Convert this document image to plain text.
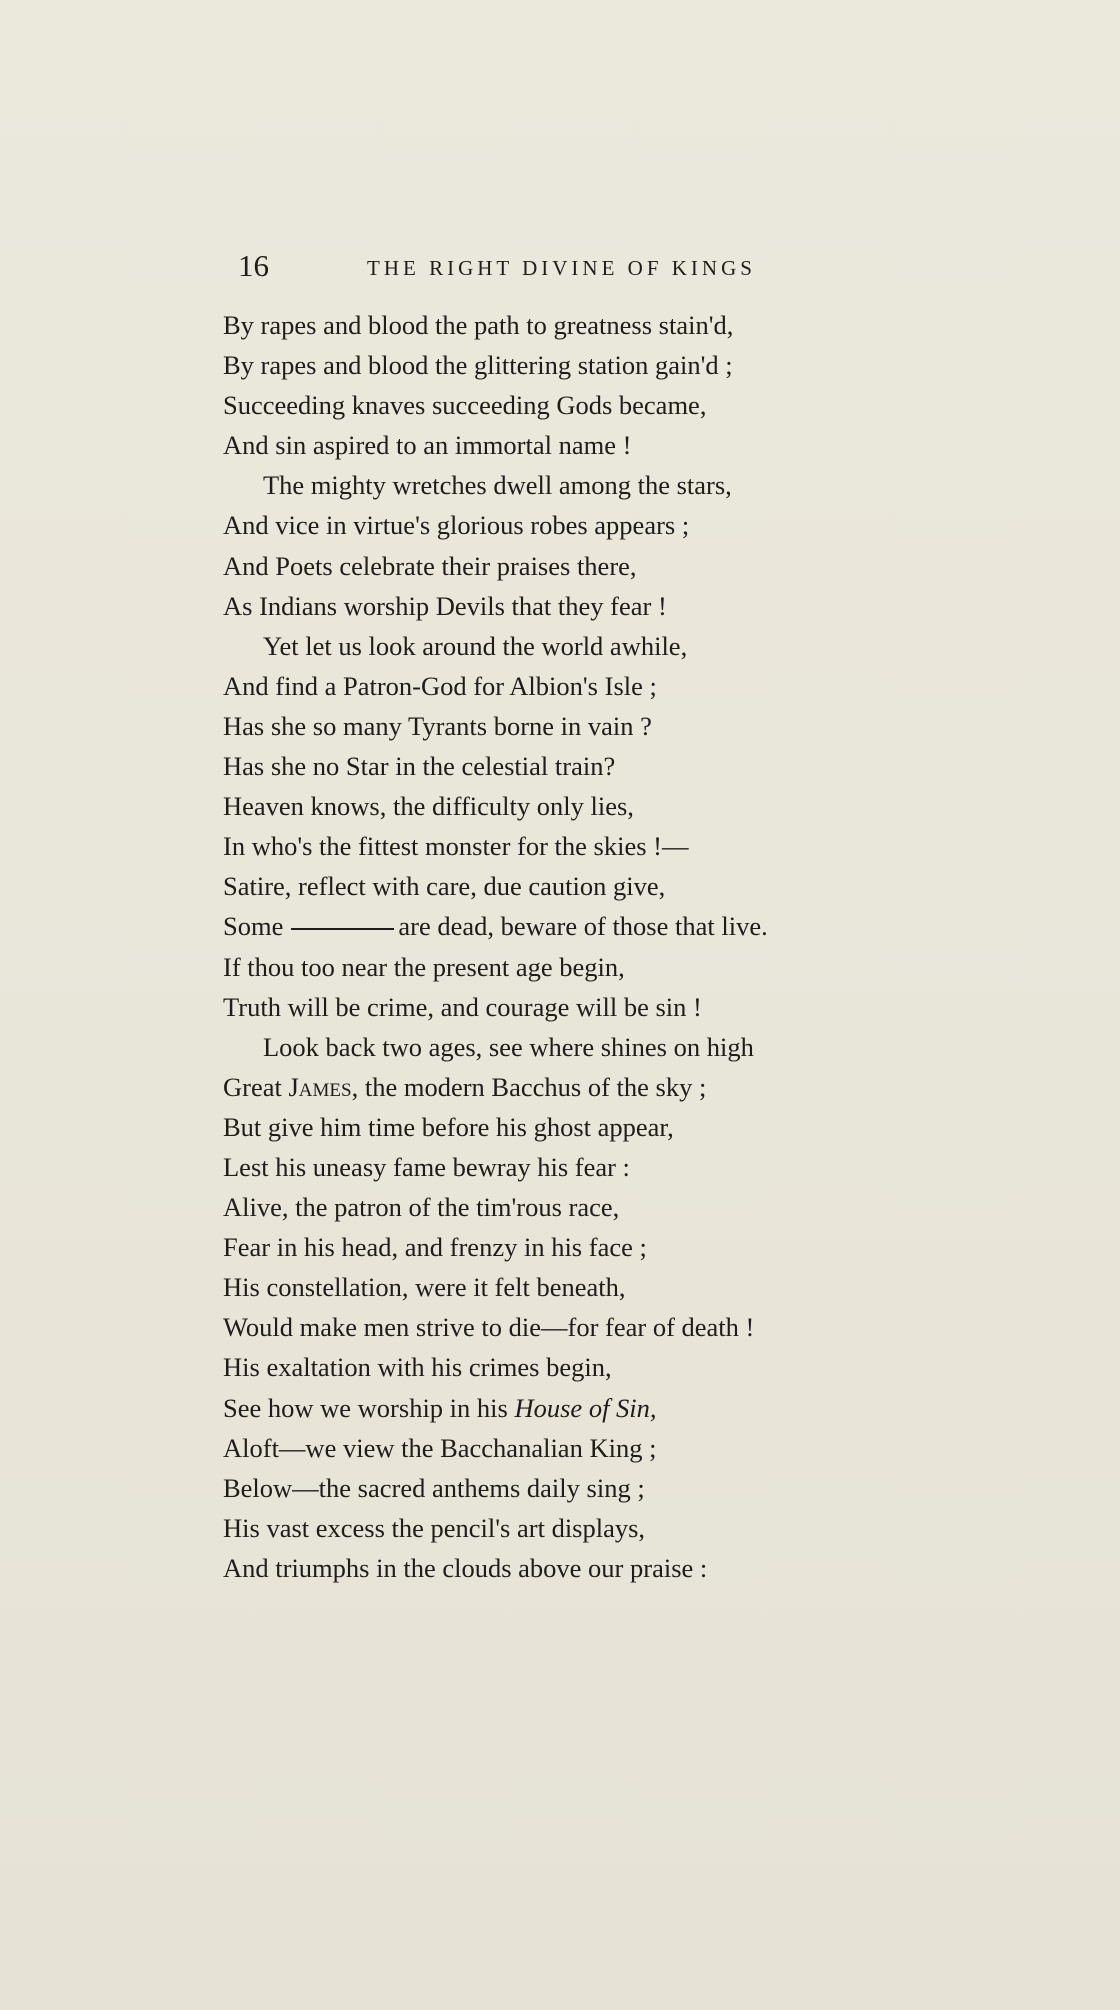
16	THE RIGHT DIVINE OF KINGS
By rapes and blood the path to greatness stain'd,
By rapes and blood the glittering station gain'd ;
Succeeding knaves succeeding Gods became,
And sin aspired to an immortal name !
The mighty wretches dwell among the stars,
And vice in virtue's glorious robes appears ;
And Poets celebrate their praises there,
As Indians worship Devils that they fear !
Yet let us look around the world awhile,
And find a Patron-God for Albion's Isle ;
Has she so many Tyrants borne in vain ?
Has she no Star in the celestial train?
Heaven knows, the difficulty only lies,
In who's the fittest monster for the skies !—
Satire, reflect with care, due caution give,
Some	are dead, beware of those that live.
If thou too near the present age begin,
Truth will be crime, and courage will be sin !
Look back two ages, see where shines on high
Great James, the modern Bacchus of the sky ;
But give him time before his ghost appear,
Lest his uneasy fame bewray his fear :
Alive, the patron of the tim'rous race,
Fear in his head, and frenzy in his face ;
His constellation, were it felt beneath,
Would make men strive to die—for fear of death !
His exaltation with his crimes begin,
See how we worship in his House of Sin,
Aloft—we view the Bacchanalian King ;
Below—the sacred anthems daily sing ;
His vast excess the pencil's art displays,
And triumphs in the clouds above our praise :
